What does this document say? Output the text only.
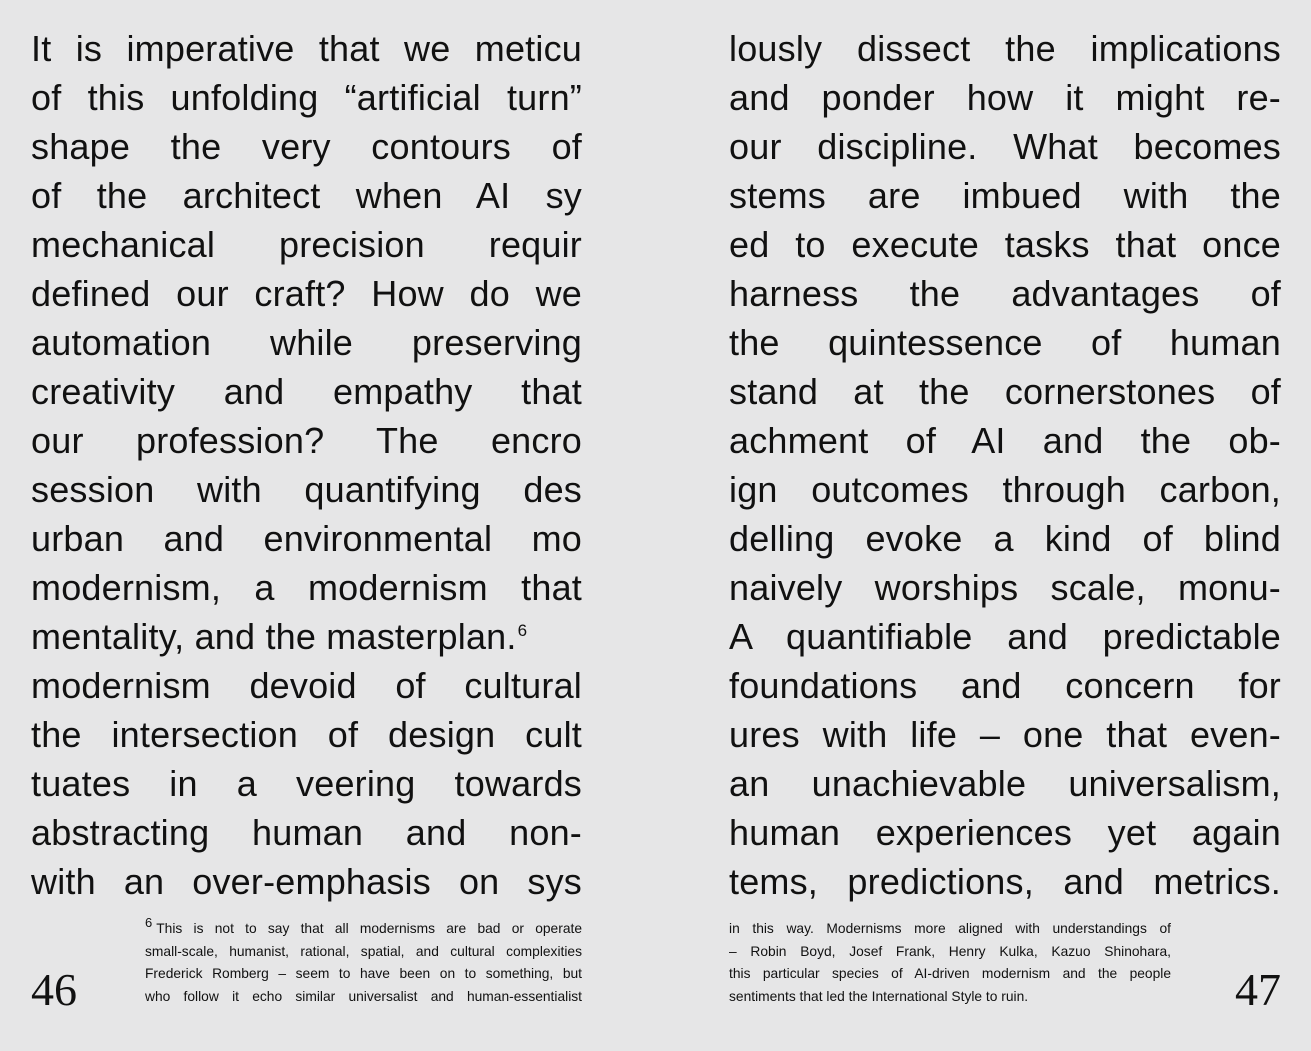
It is imperative that we meticu
of this unfolding “artificial turn”
shape the very contours of
of the architect when AI sy
mechanical precision requir
defined our craft? How do we
automation while preserving
creativity and empathy that
our profession? The encro
session with quantifying des
urban and environmental mo
modernism, a modernism that
mentality, and the masterplan.$^6$
modernism devoid of cultural
the intersection of design cult
tuates in a veering towards
abstracting human and non-
with an over-emphasis on sys
$^6$ This is not to say that all modernisms are bad or operate
small-scale, humanist, rational, spatial, and cultural complexities
Frederick Romberg – seem to have been on to something, but
who follow it echo similar universalist and human-essentialist
46
lously dissect the implications
and ponder how it might re-
our discipline. What becomes
stems are imbued with the
ed to execute tasks that once
harness the advantages of
the quintessence of human
stand at the cornerstones of
achment of AI and the ob-
ign outcomes through carbon,
delling evoke a kind of blind
naively worships scale, monu-
A quantifiable and predictable
foundations and concern for
ures with life – one that even-
an unachievable universalism,
human experiences yet again
tems, predictions, and metrics.
in this way. Modernisms more aligned with understandings of
– Robin Boyd, Josef Frank, Henry Kulka, Kazuo Shinohara,
this particular species of AI-driven modernism and the people
sentiments that led the International Style to ruin.	47
